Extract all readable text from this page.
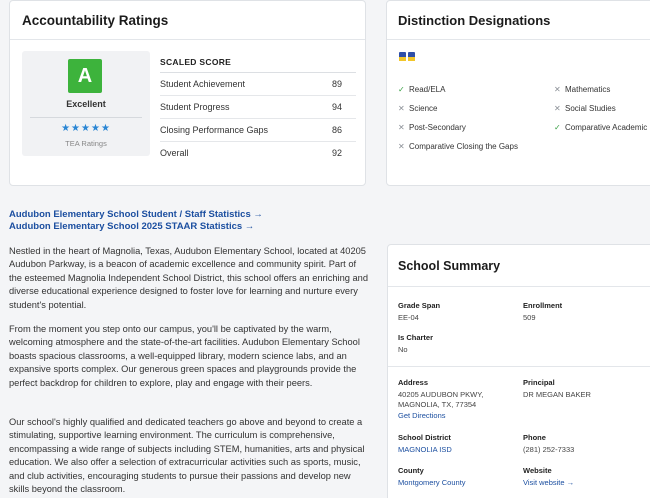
Accountability Ratings
A
Excellent
★★★★★
TEA Ratings
SCALED SCORE
Student Achievement	89
Student Progress	94
Closing Performance Gaps	86
Overall	92
Distinction Designations
✓ Read/ELA	✕ Mathematics
✕ Science	✕ Social Studies
✕ Post-Secondary	✓ Comparative Academic
✕ Comparative Closing the Gaps
Audubon Elementary School Student / Staff Statistics →
Audubon Elementary School 2025 STAAR Statistics →

Nestled in the heart of Magnolia, Texas, Audubon Elementary School, located at 40205 Audubon Parkway, is a beacon of academic excellence and community spirit. Part of the esteemed Magnolia Independent School District, this school offers an enriching and diverse educational experience designed to foster love for learning and nurture every student's potential.

From the moment you step onto our campus, you'll be captivated by the warm, welcoming atmosphere and the state-of-the-art facilities. Audubon Elementary School boasts spacious classrooms, a well-equipped library, modern science labs, and an expansive sports complex. Our generous green spaces and playgrounds provide the perfect backdrop for children to explore, play and engage with their peers.

Our school's highly qualified and dedicated teachers go above and beyond to create a stimulating, supportive learning environment. The curriculum is comprehensive, encompassing a wide range of subjects including STEM, humanities, arts and physical education. We also offer a selection of extracurricular activities such as sports, music, and club activities, encouraging students to pursue their passions and develop new skills beyond the classroom.

School Summary
Grade Span
EE-04
Enrollment
509
Is Charter
No
Address
40205 AUDUBON PKWY,
MAGNOLIA, TX, 77354
Get Directions
Principal
DR MEGAN BAKER
School District
MAGNOLIA ISD
Phone
(281) 252-7333
County
Montgomery County
Website
Visit website →
